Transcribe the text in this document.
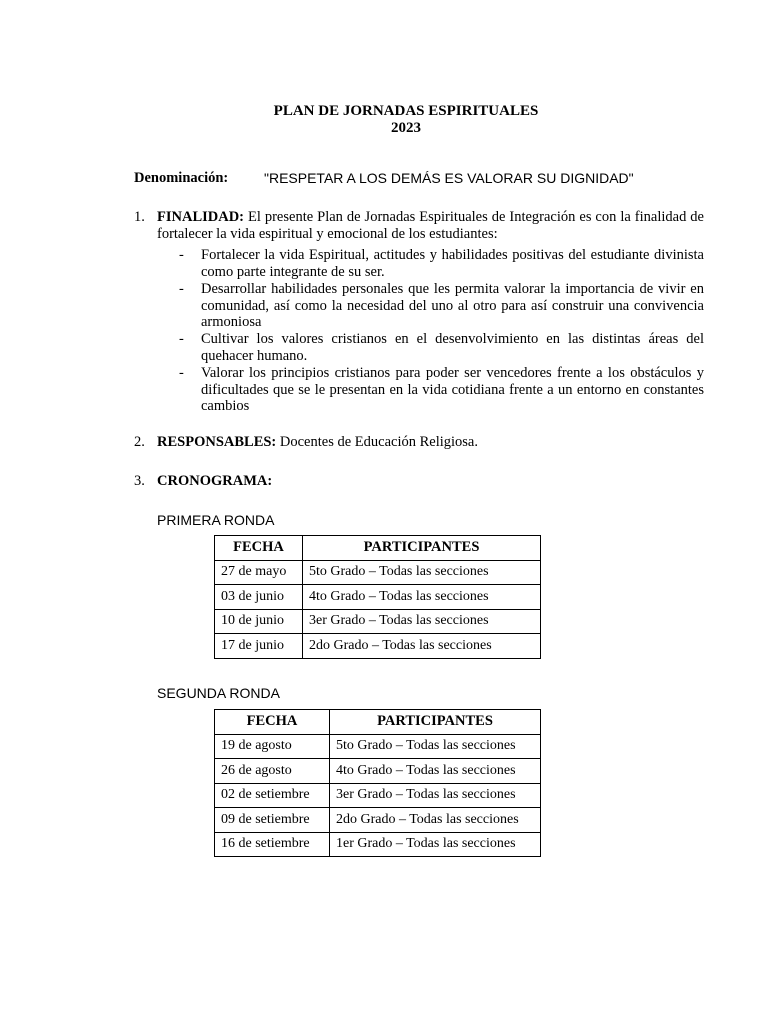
PLAN DE JORNADAS ESPIRITUALES
2023
Denominación:	"RESPETAR A LOS DEMÁS ES VALORAR SU DIGNIDAD"
1. FINALIDAD: El presente Plan de Jornadas Espirituales de Integración es con la finalidad de fortalecer la vida espiritual y emocional de los estudiantes:
- Fortalecer la vida Espiritual, actitudes y habilidades positivas del estudiante divinista como parte integrante de su ser.
- Desarrollar habilidades personales que les permita valorar la importancia de vivir en comunidad, así como la necesidad del uno al otro para así construir una convivencia armoniosa
- Cultivar los valores cristianos en el desenvolvimiento en las distintas áreas del quehacer humano.
- Valorar los principios cristianos para poder ser vencedores frente a los obstáculos y dificultades que se le presentan en la vida cotidiana frente a un entorno en constantes cambios
2. RESPONSABLES: Docentes de Educación Religiosa.
3. CRONOGRAMA:
PRIMERA RONDA
FECHA	PARTICIPANTES
27 de mayo	5to Grado – Todas las secciones
03 de junio	4to Grado – Todas las secciones
10 de junio	3er Grado – Todas las secciones
17 de junio	2do Grado – Todas las secciones
SEGUNDA RONDA
FECHA	PARTICIPANTES
19 de agosto	5to Grado – Todas las secciones
26 de agosto	4to Grado – Todas las secciones
02 de setiembre	3er Grado – Todas las secciones
09 de setiembre	2do Grado – Todas las secciones
16 de setiembre	1er Grado – Todas las secciones
